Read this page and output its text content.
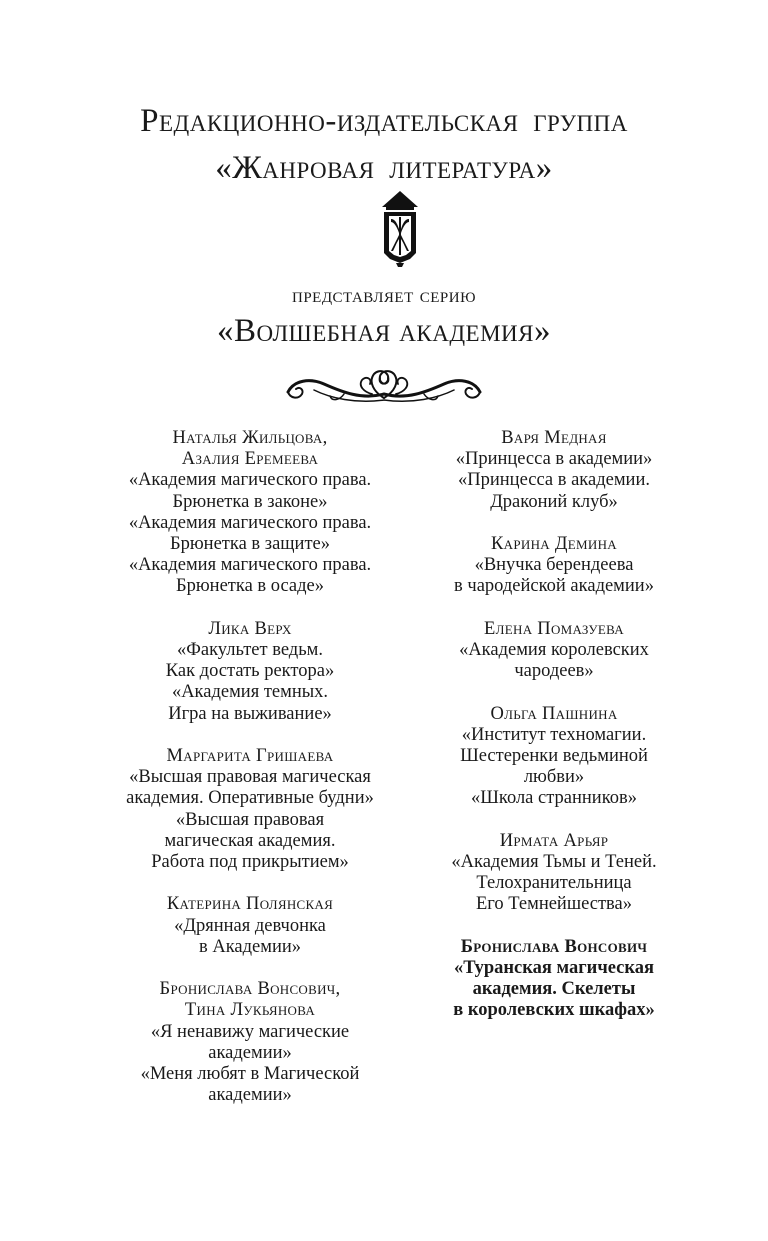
Редакционно-издательская группа
«Жанровая литература»
представляет серию
«Волшебная академия»
Наталья Жильцова,
Азалия Еремеева
«Академия магического права.
Брюнетка в законе»
«Академия магического права.
Брюнетка в защите»
«Академия магического права.
Брюнетка в осаде»
Лика Верх
«Факультет ведьм.
Как достать ректора»
«Академия темных.
Игра на выживание»
Маргарита Гришаева
«Высшая правовая магическая
академия. Оперативные будни»
«Высшая правовая
магическая академия.
Работа под прикрытием»
Катерина Полянская
«Дрянная девчонка
в Академии»
Бронислава Вонсович,
Тина Лукьянова
«Я ненавижу магические
академии»
«Меня любят в Магической
академии»
Варя Медная
«Принцесса в академии»
«Принцесса в академии.
Драконий клуб»
Карина Демина
«Внучка берендеева
в чародейской академии»
Елена Помазуева
«Академия королевских
чародеев»
Ольга Пашнина
«Институт техномагии.
Шестеренки ведьминой
любви»
«Школа странников»
Ирмата Арьяр
«Академия Тьмы и Теней.
Телохранительница
Его Темнейшества»
Бронислава Вонсович
«Туранская магическая
академия. Скелеты
в королевских шкафах»
